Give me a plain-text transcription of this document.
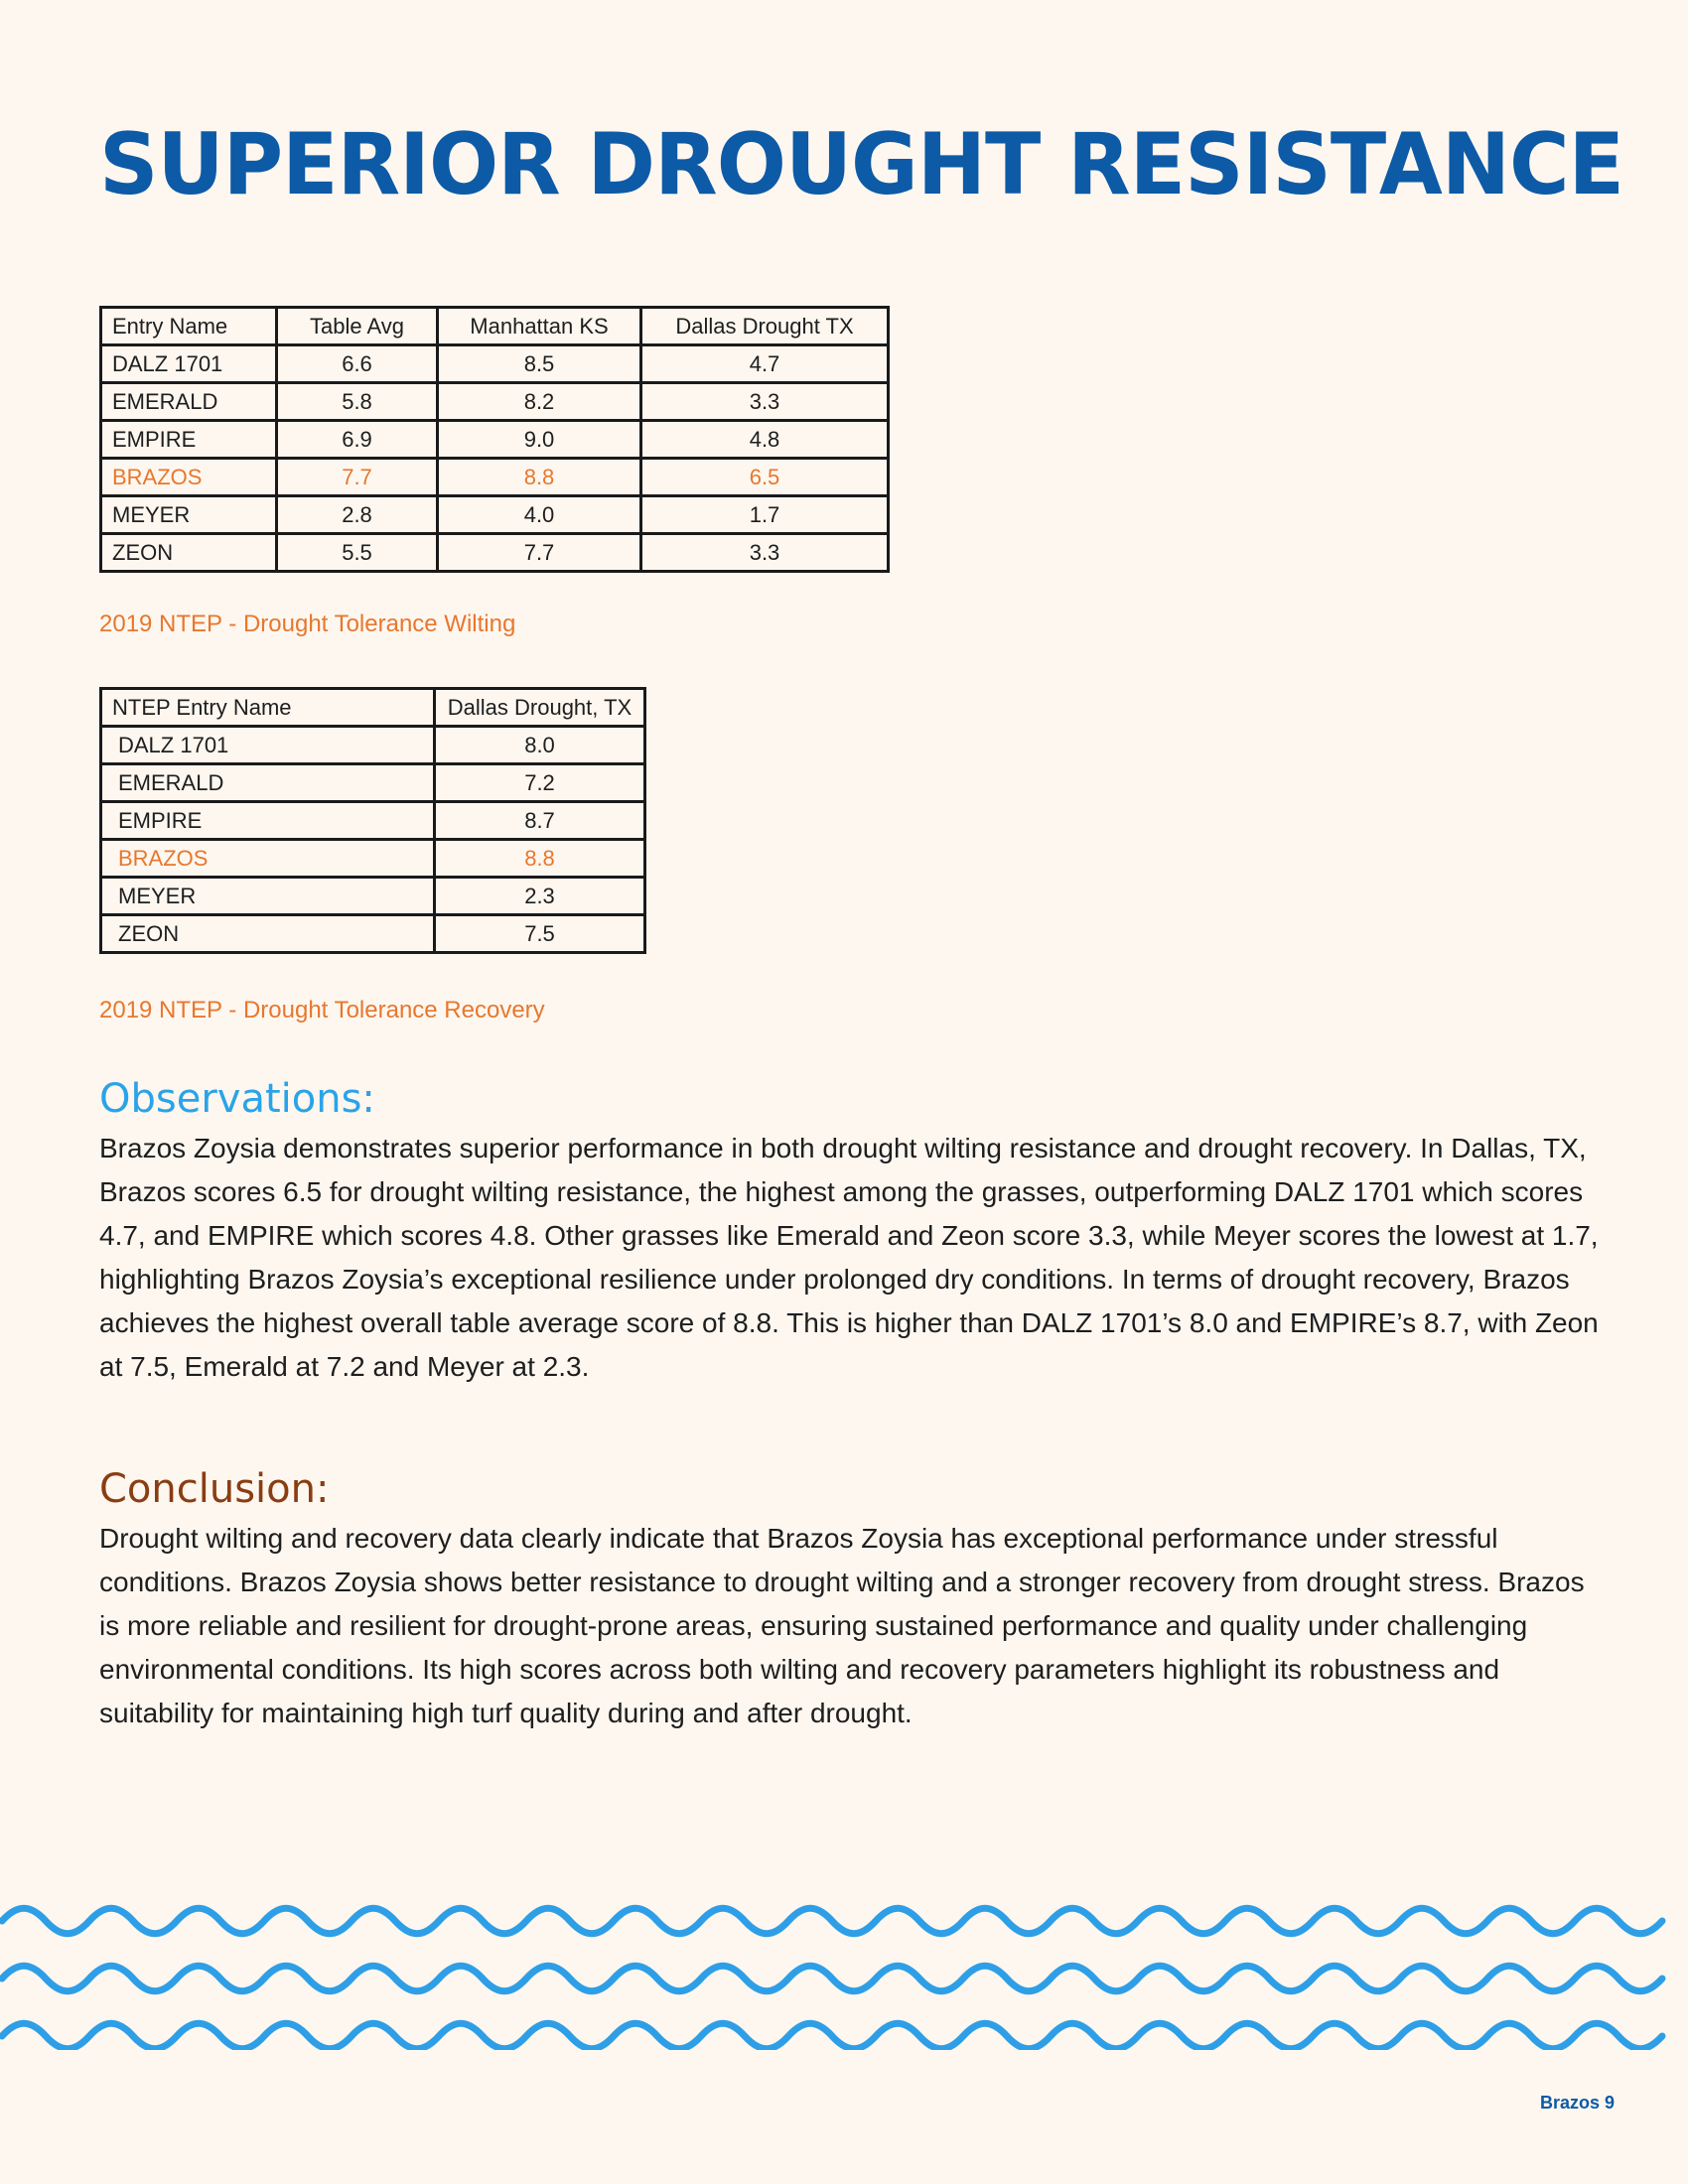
SUPERIOR DROUGHT RESISTANCE
Entry Name	Table Avg	Manhattan KS	Dallas Drought TX
DALZ 1701	6.6	8.5	4.7
EMERALD	5.8	8.2	3.3
EMPIRE	6.9	9.0	4.8
BRAZOS	7.7	8.8	6.5
MEYER	2.8	4.0	1.7
ZEON	5.5	7.7	3.3

2019 NTEP - Drought Tolerance Wilting

NTEP Entry Name	Dallas Drought, TX
DALZ 1701	8.0
EMERALD	7.2
EMPIRE	8.7
BRAZOS	8.8
MEYER	2.3
ZEON	7.5

2019 NTEP - Drought Tolerance Recovery

Observations:

Brazos Zoysia demonstrates superior performance in both drought wilting resistance and drought recovery. In Dallas, TX, Brazos scores 6.5 for drought wilting resistance, the highest among the grasses, outperforming DALZ 1701 which scores 4.7, and EMPIRE which scores 4.8. Other grasses like Emerald and Zeon score 3.3, while Meyer scores the lowest at 1.7, highlighting Brazos Zoysia’s exceptional resilience under prolonged dry conditions. In terms of drought recovery, Brazos achieves the highest overall table average score of 8.8. This is higher than DALZ 1701’s 8.0 and EMPIRE’s 8.7, with Zeon at 7.5, Emerald at 7.2 and Meyer at 2.3.

Conclusion:

Drought wilting and recovery data clearly indicate that Brazos Zoysia has exceptional performance under stressful conditions. Brazos Zoysia shows better resistance to drought wilting and a stronger recovery from drought stress. Brazos is more reliable and resilient for drought-prone areas, ensuring sustained performance and quality under challenging environmental conditions. Its high scores across both wilting and recovery parameters highlight its robustness and suitability for maintaining high turf quality during and after drought.

Brazos 9
